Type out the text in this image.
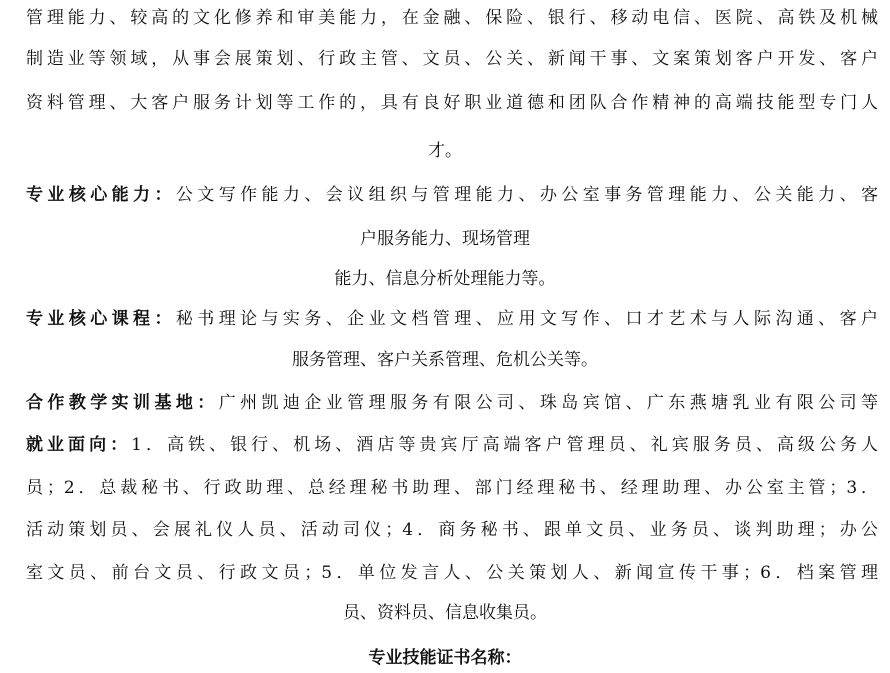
管理能力、较高的文化修养和审美能力，在金融、保险、银行、移动电信、医院、高铁及机械
制造业等领域，从事会展策划、行政主管、文员、公关、新闻干事、文案策划客户开发、客户
资料管理、大客户服务计划等工作的，具有良好职业道德和团队合作精神的高端技能型专门人
才。
专业核心能力：公文写作能力、会议组织与管理能力、办公室事务管理能力、公关能力、客
户服务能力、现场管理
能力、信息分析处理能力等。
专业核心课程：秘书理论与实务、企业文档管理、应用文写作、口才艺术与人际沟通、客户
服务管理、客户关系管理、危机公关等。
合作教学实训基地：广州凯迪企业管理服务有限公司、珠岛宾馆、广东燕塘乳业有限公司等
就业面向：1．高铁、银行、机场、酒店等贵宾厅高端客户管理员、礼宾服务员、高级公务人
员；2．总裁秘书、行政助理、总经理秘书助理、部门经理秘书、经理助理、办公室主管；3．
活动策划员、会展礼仪人员、活动司仪；4．商务秘书、跟单文员、业务员、谈判助理；办公
室文员、前台文员、行政文员；5．单位发言人、公关策划人、新闻宣传干事；6．档案管理
员、资料员、信息收集员。
专业技能证书名称：
